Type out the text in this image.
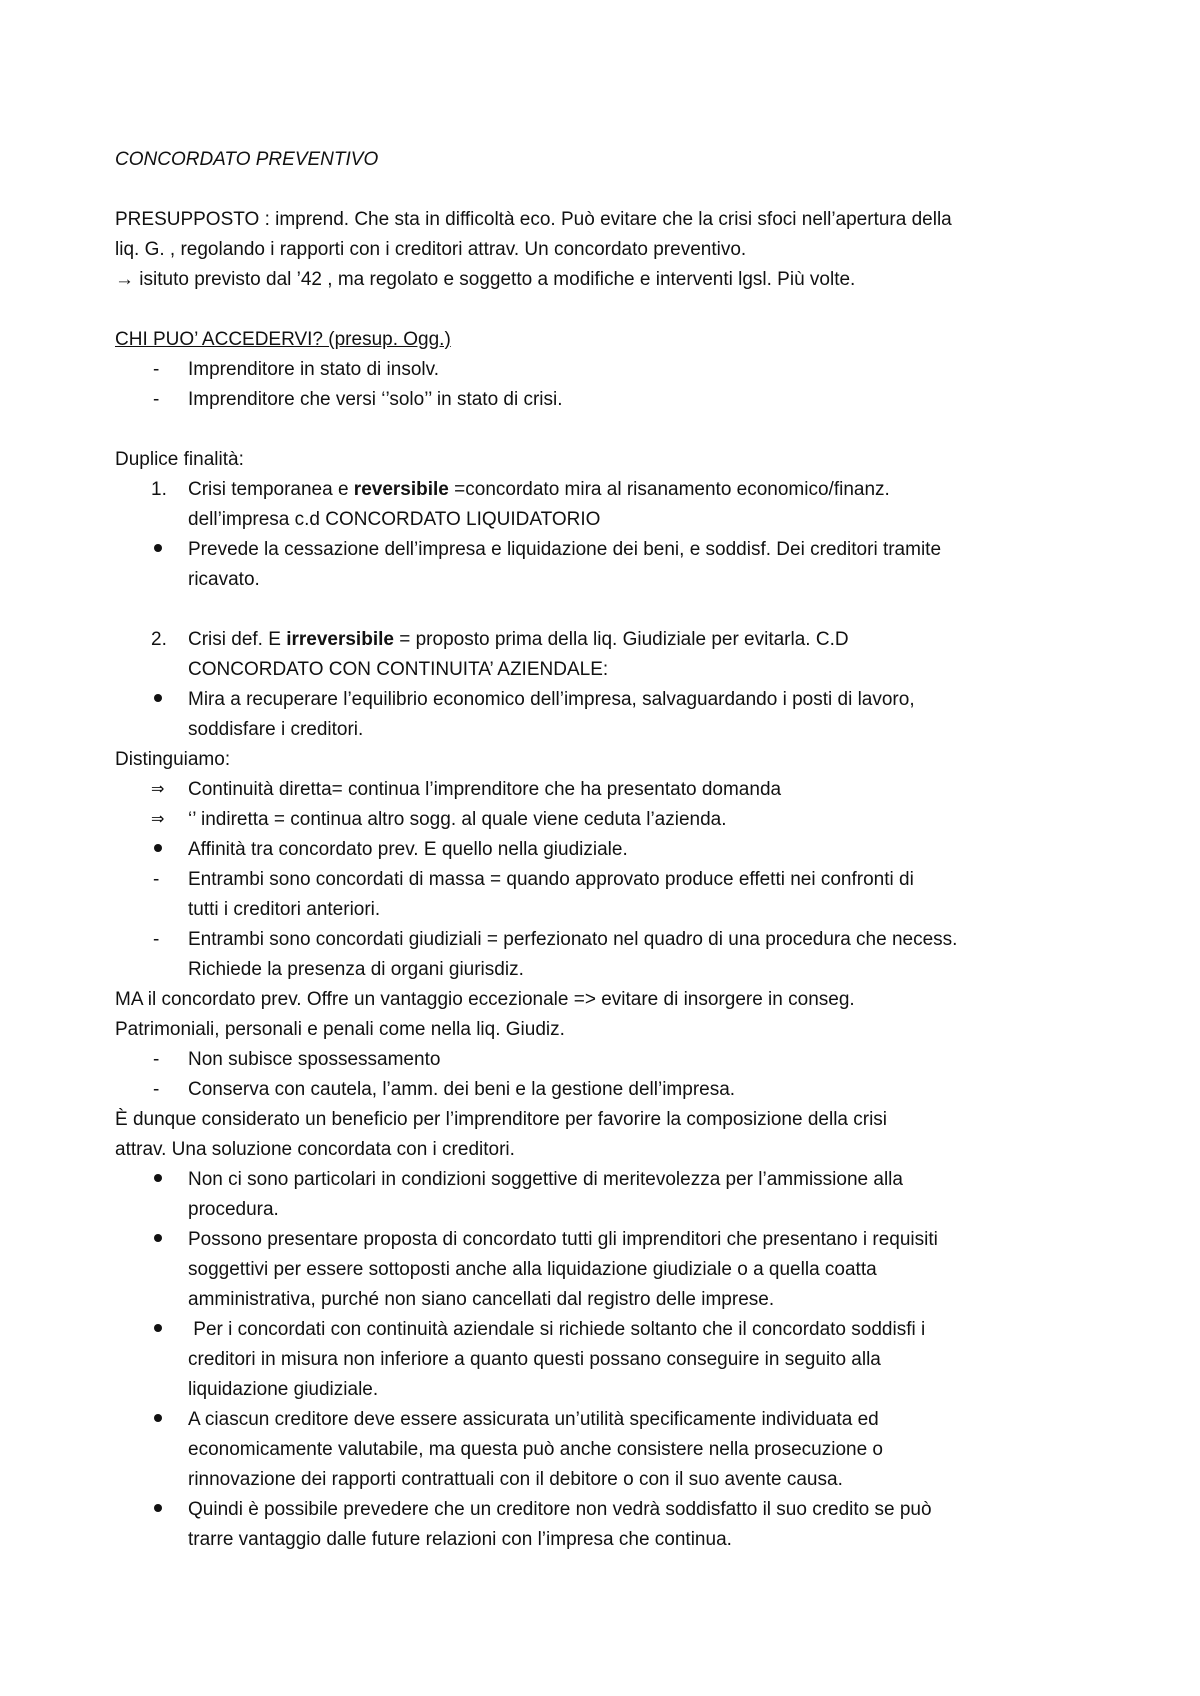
CONCORDATO PREVENTIVO
PRESUPPOSTO : imprend. Che sta in difficoltà eco. Può evitare che la crisi sfoci nell’apertura della
liq. G. , regolando i rapporti con i creditori attrav. Un concordato preventivo.
→ isituto previsto dal ’42 , ma regolato e soggetto a modifiche e interventi lgsl. Più volte.
CHI PUO’ ACCEDERVI? (presup. Ogg.)
-	Imprenditore in stato di insolv.
-	Imprenditore che versi ‘’solo’’ in stato di crisi.
Duplice finalità:
1.	Crisi temporanea e reversibile =concordato mira al risanamento economico/finanz.
dell’impresa c.d CONCORDATO LIQUIDATORIO
Prevede la cessazione dell’impresa e liquidazione dei beni, e soddisf. Dei creditori tramite
ricavato.
2.	Crisi def. E irreversibile = proposto prima della liq. Giudiziale per evitarla. C.D
CONCORDATO CON CONTINUITA’ AZIENDALE:
Mira a recuperare l’equilibrio economico dell’impresa, salvaguardando i posti di lavoro,
soddisfare i creditori.
Distinguiamo:
⇒	Continuità diretta= continua l’imprenditore che ha presentato domanda
⇒	‘’ indiretta = continua altro sogg. al quale viene ceduta l’azienda.
Affinità tra concordato prev. E quello nella giudiziale.
-	Entrambi sono concordati di massa = quando approvato produce effetti nei confronti di
tutti i creditori anteriori.
-	Entrambi sono concordati giudiziali = perfezionato nel quadro di una procedura che necess.
Richiede la presenza di organi giurisdiz.
MA il concordato prev. Offre un vantaggio eccezionale => evitare di insorgere in conseg.
Patrimoniali, personali e penali come nella liq. Giudiz.
-	Non subisce spossessamento
-	Conserva con cautela, l’amm. dei beni e la gestione dell’impresa.
È dunque considerato un beneficio per l’imprenditore per favorire la composizione della crisi
attrav. Una soluzione concordata con i creditori.
Non ci sono particolari in condizioni soggettive di meritevolezza per l’ammissione alla
procedura.
Possono presentare proposta di concordato tutti gli imprenditori che presentano i requisiti
soggettivi per essere sottoposti anche alla liquidazione giudiziale o a quella coatta
amministrativa, purché non siano cancellati dal registro delle imprese.
Per i concordati con continuità aziendale si richiede soltanto che il concordato soddisfi i
creditori in misura non inferiore a quanto questi possano conseguire in seguito alla
liquidazione giudiziale.
A ciascun creditore deve essere assicurata un’utilità specificamente individuata ed
economicamente valutabile, ma questa può anche consistere nella prosecuzione o
rinnovazione dei rapporti contrattuali con il debitore o con il suo avente causa.
Quindi è possibile prevedere che un creditore non vedrà soddisfatto il suo credito se può
trarre vantaggio dalle future relazioni con l’impresa che continua.
